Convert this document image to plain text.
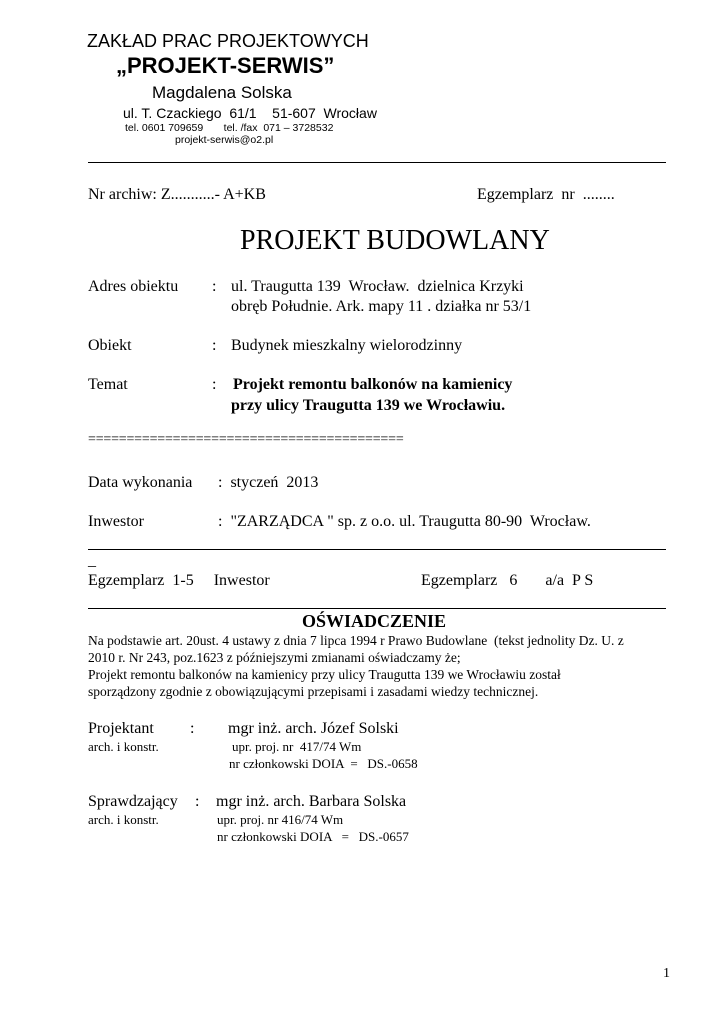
ZAKŁAD PRAC PROJEKTOWYCH
„PROJEKT-SERWIS”
Magdalena Solska
ul. T. Czackiego  61/1    51-607  Wrocław
tel. 0601 709659       tel. /fax  071 – 3728532
projekt-serwis@o2.pl
Nr archiw: Z...........- A+KB	Egzemplarz  nr  ........
PROJEKT BUDOWLANY
Adres obiektu : ul. Traugutta 139  Wrocław.  dzielnica Krzyki
obręb Południe. Ark. mapy 11 . działka nr 53/1
Obiekt	: Budynek mieszkalny wielorodzinny
Temat	: Projekt remontu balkonów na kamienicy
przy ulicy Traugutta 139 we Wrocławiu.
=========================================
Data wykonania :  styczeń  2013
Inwestor	:  "ZARZĄDCA " sp. z o.o. ul. Traugutta 80-90  Wrocław.
_
Egzemplarz  1-5     Inwestor	Egzemplarz   6       a/a  P S
OŚWIADCZENIE
Na podstawie art. 20ust. 4 ustawy z dnia 7 lipca 1994 r Prawo Budowlane  (tekst jednolity Dz. U. z
2010 r. Nr 243, poz.1623 z późniejszymi zmianami oświadczamy że;
Projekt remontu balkonów na kamienicy przy ulicy Traugutta 139 we Wrocławiu został
sporządzony zgodnie z obowiązującymi przepisami i zasadami wiedzy technicznej.
Projektant : mgr inż. arch. Józef Solski
arch. i konstr.	upr. proj. nr  417/74 Wm
nr członkowski DOIA  =   DS.-0658
Sprawdzający : mgr inż. arch. Barbara Solska
arch. i konstr.	upr. proj. nr 416/74 Wm
nr członkowski DOIA   =   DS.-0657
1
